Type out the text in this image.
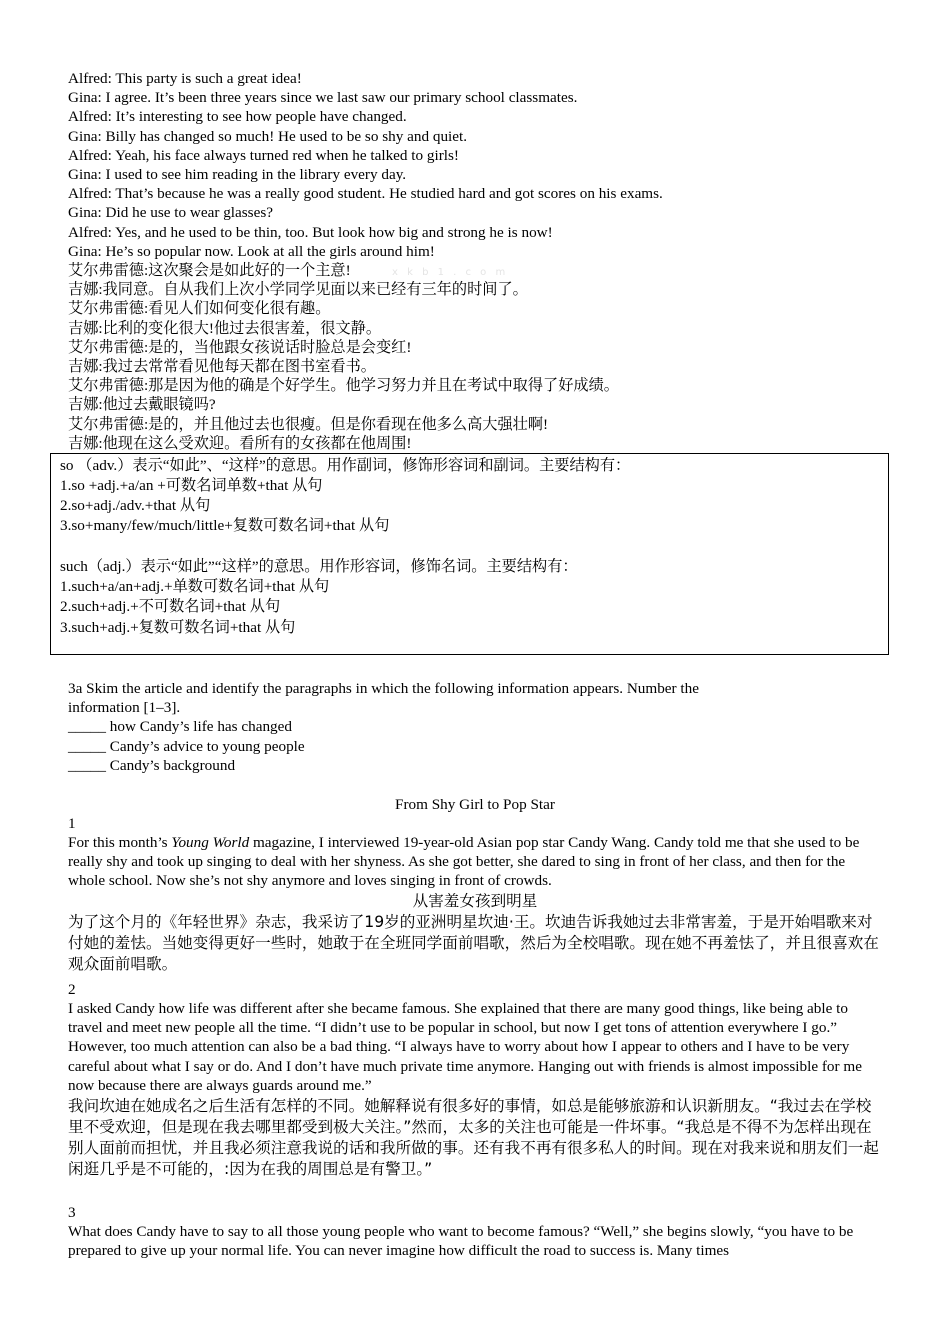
Alfred: This party is such a great idea!
Gina: I agree. It’s been three years since we last saw our primary school classmates.
Alfred: It’s interesting to see how people have changed.
Gina: Billy has changed so much! He used to be so shy and quiet.
Alfred: Yeah, his face always turned red when he talked to girls!
Gina: I used to see him reading in the library every day.
Alfred: That’s because he was a really good student. He studied hard and got scores on his exams.
Gina: Did he use to wear glasses?
Alfred: Yes, and he used to be thin, too. But look how big and strong he is now!
Gina: He’s so popular now. Look at all the girls around him!
艾尔弗雷德:这次聚会是如此好的一个主意!
吉娜:我同意。自从我们上次小学同学见面以来已经有三年的时间了。
艾尔弗雷德:看见人们如何变化很有趣。
吉娜:比利的变化很大!他过去很害羞，很文静。
艾尔弗雷德:是的，当他跟女孩说话时脸总是会变红!
吉娜:我过去常常看见他每天都在图书室看书。
艾尔弗雷德:那是因为他的确是个好学生。他学习努力并且在考试中取得了好成绩。
吉娜:他过去戴眼镜吗?
艾尔弗雷德:是的，并且他过去也很瘦。但是你看现在他多么高大强壮啊!
吉娜:他现在这么受欢迎。看所有的女孩都在他周围!
x k b 1 . c o m
so （adv.）表示“如此”、“这样”的意思。用作副词，修饰形容词和副词。主要结构有：
1.so +adj.+a/an +可数名词单数+that 从句
2.so+adj./adv.+that 从句
3.so+many/few/much/little+复数可数名词+that 从句
such（adj.）表示“如此”“这样”的意思。用作形容词，修饰名词。主要结构有：
1.such+a/an+adj.+单数可数名词+that 从句
2.such+adj.+不可数名词+that 从句
3.such+adj.+复数可数名词+that 从句
3a Skim the article and identify the paragraphs in which the following information appears. Number the
information [1–3].
_____ how Candy’s life has changed
_____ Candy’s advice to young people
_____ Candy’s background
From Shy Girl to Pop Star
1
For this month’s Young World magazine, I interviewed 19-year-old Asian pop star Candy Wang. Candy told me that she used to be really shy and took up singing to deal with her shyness. As she got better, she dared to sing in front of her class, and then for the whole school. Now she’s not shy anymore and loves singing in front of crowds.
从害羞女孩到明星
为了这个月的《年轻世界》杂志，我采访了19岁的亚洲明星坎迪·王。坎迪告诉我她过去非常害羞，于是开始唱歌来对付她的羞怯。当她变得更好一些时，她敢于在全班同学面前唱歌，然后为全校唱歌。现在她不再羞怯了，并且很喜欢在观众面前唱歌。
2
I asked Candy how life was different after she became famous. She explained that there are many good things, like being able to travel and meet new people all the time. “I didn’t use to be popular in school, but now I get tons of attention everywhere I go.” However, too much attention can also be a bad thing. “I always have to worry about how I appear to others and I have to be very careful about what I say or do. And I don’t have much private time anymore. Hanging out with friends is almost impossible for me now because there are always guards around me.”
我问坎迪在她成名之后生活有怎样的不同。她解释说有很多好的事情，如总是能够旅游和认识新朋友。“我过去在学校里不受欢迎，但是现在我去哪里都受到极大关注。”然而，太多的关注也可能是一件坏事。“我总是不得不为怎样出现在别人面前而担忧，并且我必须注意我说的话和我所做的事。还有我不再有很多私人的时间。现在对我来说和朋友们一起闲逛几乎是不可能的，:因为在我的周围总是有警卫。”
3
What does Candy have to say to all those young people who want to become famous? “Well,” she begins slowly, “you have to be prepared to give up your normal life. You can never imagine how difficult the road to success is. Many times
